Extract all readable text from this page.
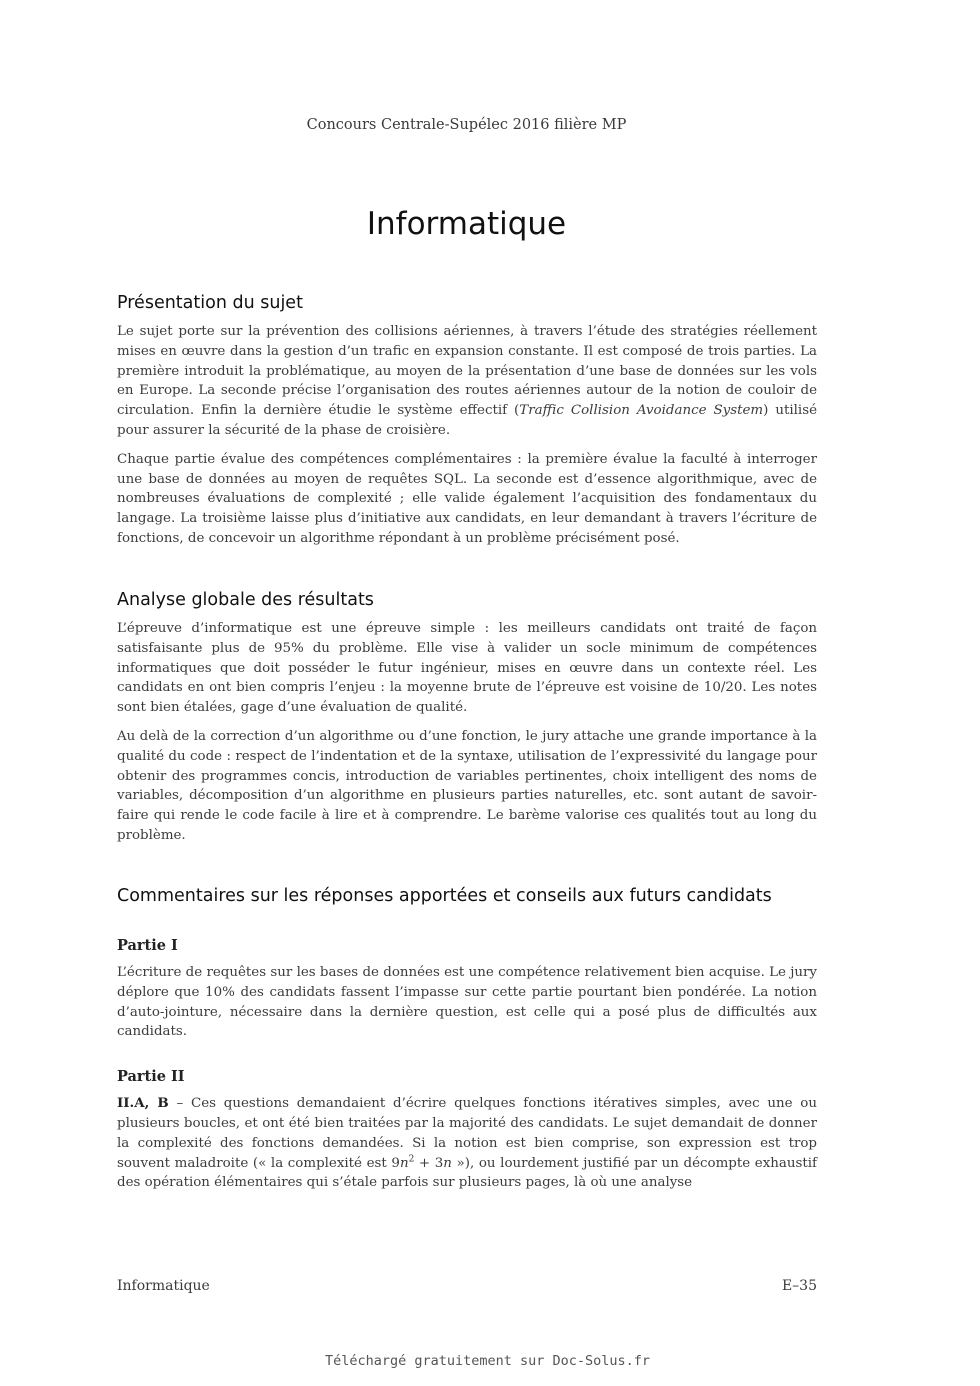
Concours Centrale-Supélec 2016 filière MP
Informatique
Présentation du sujet

Le sujet porte sur la prévention des collisions aériennes, à travers l’étude des stratégies réellement mises en œuvre dans la gestion d’un trafic en expansion constante. Il est composé de trois parties. La première introduit la problématique, au moyen de la présentation d’une base de données sur les vols en Europe. La seconde précise l’organisation des routes aériennes autour de la notion de couloir de circulation. Enfin la dernière étudie le système effectif (Traffic Collision Avoidance System) utilisé pour assurer la sécurité de la phase de croisière.

Chaque partie évalue des compétences complémentaires : la première évalue la faculté à interroger une base de données au moyen de requêtes SQL. La seconde est d’essence algorithmique, avec de nombreuses évaluations de complexité ; elle valide également l’acquisition des fondamentaux du langage. La troisième laisse plus d’initiative aux candidats, en leur demandant à travers l’écriture de fonctions, de concevoir un algorithme répondant à un problème précisément posé.

Analyse globale des résultats

L’épreuve d’informatique est une épreuve simple : les meilleurs candidats ont traité de façon satisfaisante plus de 95% du problème. Elle vise à valider un socle minimum de compétences informatiques que doit posséder le futur ingénieur, mises en œuvre dans un contexte réel. Les candidats en ont bien compris l’enjeu : la moyenne brute de l’épreuve est voisine de 10/20. Les notes sont bien étalées, gage d’une évaluation de qualité.

Au delà de la correction d’un algorithme ou d’une fonction, le jury attache une grande importance à la qualité du code : respect de l’indentation et de la syntaxe, utilisation de l’expressivité du langage pour obtenir des programmes concis, introduction de variables pertinentes, choix intelligent des noms de variables, décomposition d’un algorithme en plusieurs parties naturelles, etc. sont autant de savoir-faire qui rende le code facile à lire et à comprendre. Le barème valorise ces qualités tout au long du problème.

Commentaires sur les réponses apportées et conseils aux futurs candidats
Partie I

L’écriture de requêtes sur les bases de données est une compétence relativement bien acquise. Le jury déplore que 10% des candidats fassent l’impasse sur cette partie pourtant bien pondérée. La notion d’auto-jointure, nécessaire dans la dernière question, est celle qui a posé plus de difficultés aux candidats.

Partie II

II.A, B – Ces questions demandaient d’écrire quelques fonctions itératives simples, avec une ou plusieurs boucles, et ont été bien traitées par la majorité des candidats. Le sujet demandait de donner la complexité des fonctions demandées. Si la notion est bien comprise, son expression est trop souvent maladroite (« la complexité est $9n^2 + 3n$ »), ou lourdement justifié par un décompte exhaustif des opération élémentaires qui s’étale parfois sur plusieurs pages, là où une analyse

Informatique	E–35
Téléchargé gratuitement sur Doc-Solus.fr
